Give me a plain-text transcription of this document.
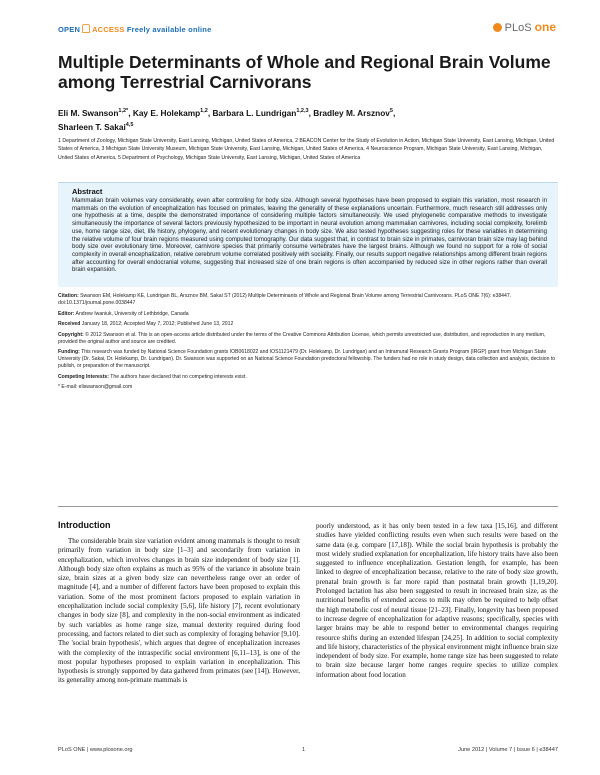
OPEN ACCESS Freely available online	PLoS one
Multiple Determinants of Whole and Regional Brain Volume among Terrestrial Carnivorans
Eli M. Swanson$^{1,2*}$, Kay E. Holekamp$^{1,2}$, Barbara L. Lundrigan$^{1,2,3}$, Bradley M. Arsznov$^5$,
Sharleen T. Sakai$^{4,5}$
1 Department of Zoology, Michigan State University, East Lansing, Michigan, United States of America, 2 BEACON Center for the Study of Evolution in Action, Michigan State University, East Lansing, Michigan, United States of America, 3 Michigan State University Museum, Michigan State University, East Lansing, Michigan, United States of America, 4 Neuroscience Program, Michigan State University, East Lansing, Michigan, United States of America, 5 Department of Psychology, Michigan State University, East Lansing, Michigan, United States of America
Abstract

Mammalian brain volumes vary considerably, even after controlling for body size. Although several hypotheses have been proposed to explain this variation, most research in mammals on the evolution of encephalization has focused on primates, leaving the generality of these explanations uncertain. Furthermore, much research still addresses only one hypothesis at a time, despite the demonstrated importance of considering multiple factors simultaneously. We used phylogenetic comparative methods to investigate simultaneously the importance of several factors previously hypothesized to be important in neural evolution among mammalian carnivores, including social complexity, forelimb use, home range size, diet, life history, phylogeny, and recent evolutionary changes in body size. We also tested hypotheses suggesting roles for these variables in determining the relative volume of four brain regions measured using computed tomography. Our data suggest that, in contrast to brain size in primates, carnivoran brain size may lag behind body size over evolutionary time. Moreover, carnivore species that primarily consume vertebrates have the largest brains. Although we found no support for a role of social complexity in overall encephalization, relative cerebrum volume correlated positively with sociality. Finally, our results support negative relationships among different brain regions after accounting for overall endocranial volume, suggesting that increased size of one brain regions is often accompanied by reduced size in other regions rather than overall brain expansion.

Citation: Swanson EM, Holekamp KE, Lundrigan BL, Arsznov BM, Sakai ST (2012) Multiple Determinants of Whole and Regional Brain Volume among Terrestrial Carnivorans. PLoS ONE 7(6): e38447. doi:10.1371/journal.pone.0038447
Editor: Andrew Iwaniuk, University of Lethbridge, Canada
Received January 18, 2012; Accepted May 7, 2012; Published June 13, 2012
Copyright: © 2012 Swanson et al. This is an open-access article distributed under the terms of the Creative Commons Attribution License, which permits unrestricted use, distribution, and reproduction in any medium, provided the original author and source are credited.
Funding: This research was funded by National Science Foundation grants IOB0618022 and IOS1121479 (Dr. Holekamp, Dr. Lundrigan) and an Intramural Research Grants Program (IRGP) grant from Michigan State University (Dr. Sakai, Dr. Holekamp, Dr. Lundrigan). Dr. Swanson was supported on an National Science Foundation predoctoral fellowship. The funders had no role in study design, data collection and analysis, decision to publish, or preparation of the manuscript.
Competing Interests: The authors have declared that no competing interests exist.
* E-mail: eliswanson@gmail.com
Introduction
The considerable brain size variation evident among mammals is thought to result primarily from variation in body size [1–3] and secondarily from variation in encephalization, which involves changes in brain size independent of body size [1]. Although body size often explains as much as 95% of the variance in absolute brain size, brain sizes at a given body size can nevertheless range over an order of magnitude [4], and a number of different factors have been proposed to explain this variation. Some of the most prominent factors proposed to explain variation in encephalization include social complexity [5,6], life history [7], recent evolutionary changes in body size [8], and complexity in the non-social environment as indicated by such variables as home range size, manual dexterity required during food processing, and factors related to diet such as complexity of foraging behavior [9,10]. The 'social brain hypothesis', which argues that degree of encephalization increases with the complexity of the intraspecific social environment [6,11–13], is one of the most popular hypotheses proposed to explain variation in encephalization. This hypothesis is strongly supported by data gathered from primates (see [14]). However, its generality among non-primate mammals is
poorly understood, as it has only been tested in a few taxa [15,16], and different studies have yielded conflicting results even when such results were based on the same data (e.g. compare [17,18]). While the social brain hypothesis is probably the most widely studied explanation for encephalization, life history traits have also been suggested to influence encephalization. Gestation length, for example, has been linked to degree of encephalization because, relative to the rate of body size growth, prenatal brain growth is far more rapid than postnatal brain growth [1,19,20]. Prolonged lactation has also been suggested to result in increased brain size, as the nutritional benefits of extended access to milk may often be required to help offset the high metabolic cost of neural tissue [21–23]. Finally, longevity has been proposed to increase degree of encephalization for adaptive reasons; specifically, species with larger brains may be able to respond better to environmental changes requiring resource shifts during an extended lifespan [24,25]. In addition to social complexity and life history, characteristics of the physical environment might influence brain size independent of body size. For example, home range size has been suggested to relate to brain size because larger home ranges require species to utilize complex information about food location
PLoS ONE | www.plosone.org	1	June 2012 | Volume 7 | Issue 6 | e38447
